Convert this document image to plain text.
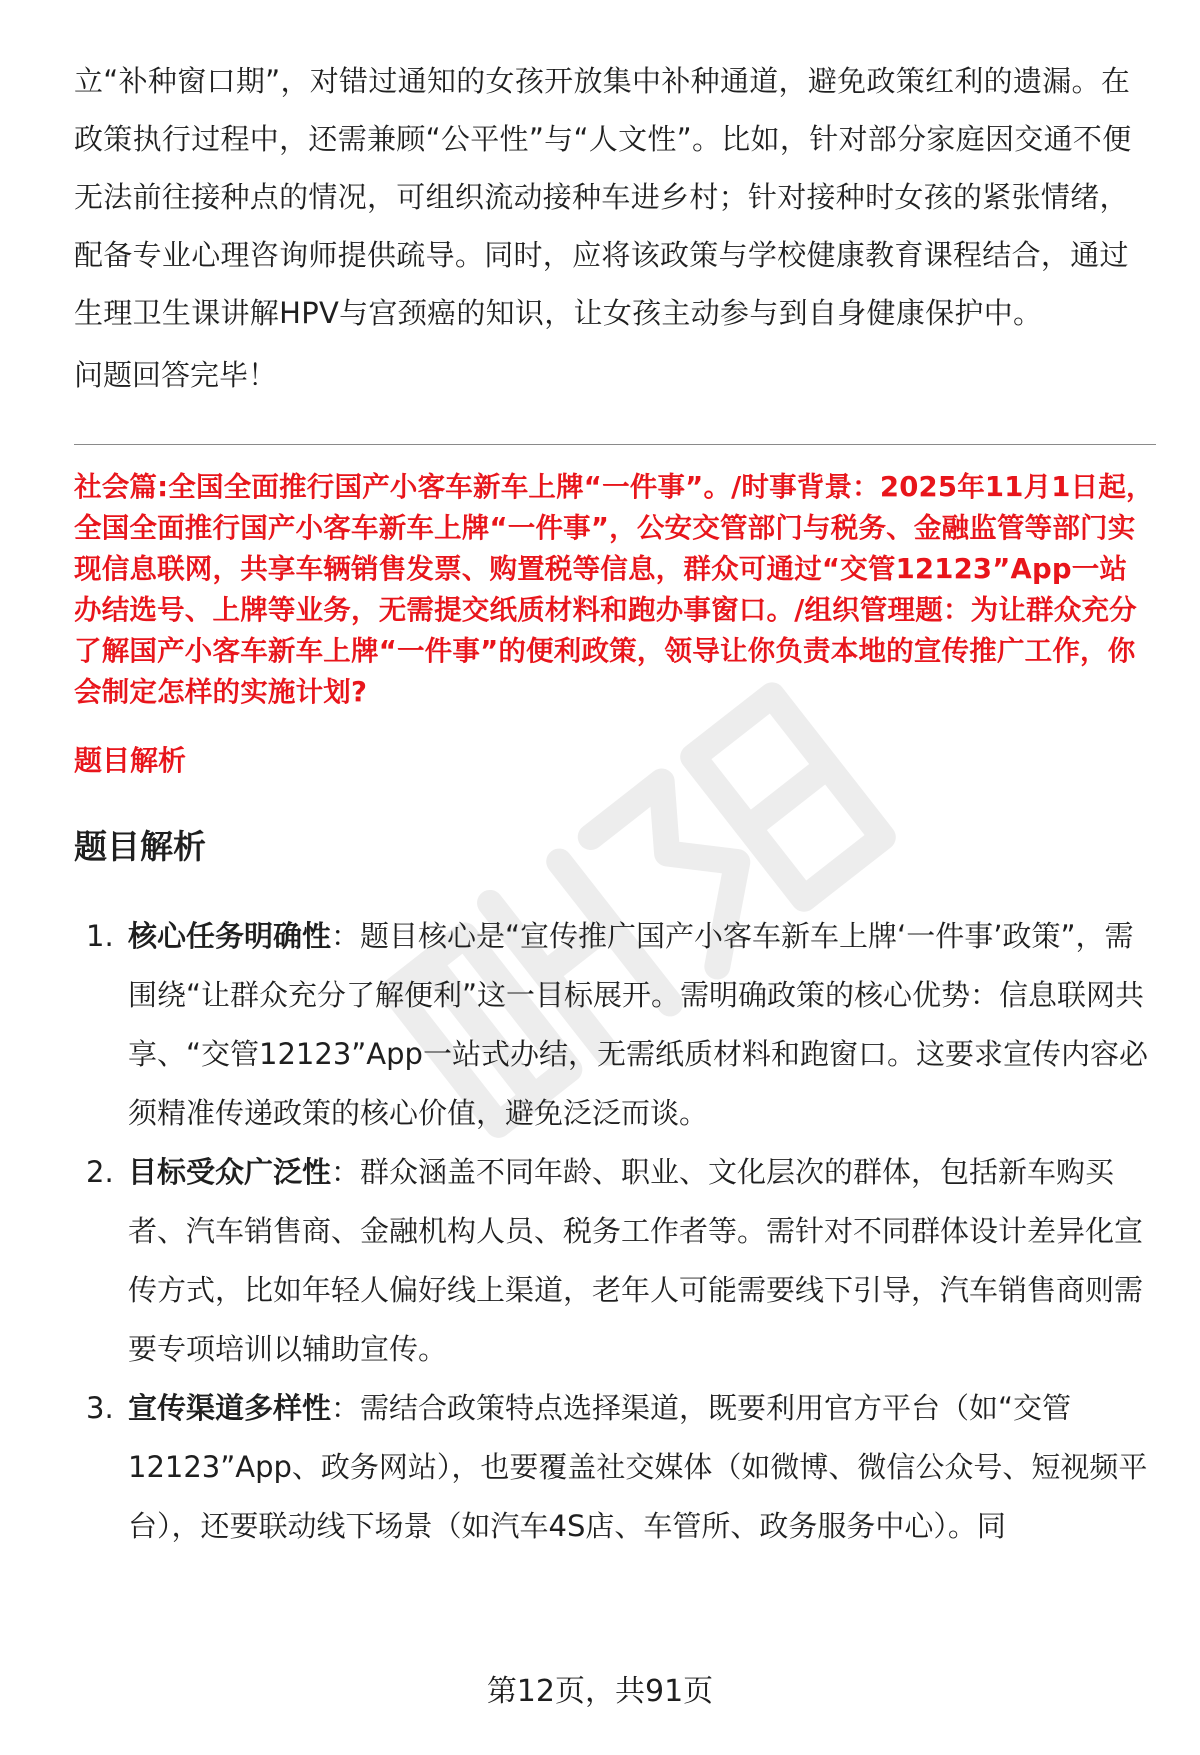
立“补种窗口期”，对错过通知的女孩开放集中补种通道，避免政策红利的遗漏。在政策执行过程中，还需兼顾“公平性”与“人文性”。比如，针对部分家庭因交通不便无法前往接种点的情况，可组织流动接种车进乡村；针对接种时女孩的紧张情绪，配备专业心理咨询师提供疏导。同时，应将该政策与学校健康教育课程结合，通过生理卫生课讲解HPV与宫颈癌的知识，让女孩主动参与到自身健康保护中。

问题回答完毕！

社会篇:全国全面推行国产小客车新车上牌“一件事”。/时事背景：2025年11月1日起，全国全面推行国产小客车新车上牌“一件事”，公安交管部门与税务、金融监管等部门实现信息联网，共享车辆销售发票、购置税等信息，群众可通过“交管12123”App一站办结选号、上牌等业务，无需提交纸质材料和跑办事窗口。/组织管理题：为让群众充分了解国产小客车新车上牌“一件事”的便利政策，领导让你负责本地的宣传推广工作，你会制定怎样的实施计划?
题目解析
题目解析
1. 核心任务明确性：题目核心是“宣传推广国产小客车新车上牌‘一件事’政策”，需围绕“让群众充分了解便利”这一目标展开。需明确政策的核心优势：信息联网共享、“交管12123”App一站式办结，无需纸质材料和跑窗口。这要求宣传内容必须精准传递政策的核心价值，避免泛泛而谈。
2. 目标受众广泛性：群众涵盖不同年龄、职业、文化层次的群体，包括新车购买者、汽车销售商、金融机构人员、税务工作者等。需针对不同群体设计差异化宣传方式，比如年轻人偏好线上渠道，老年人可能需要线下引导，汽车销售商则需要专项培训以辅助宣传。
3. 宣传渠道多样性：需结合政策特点选择渠道，既要利用官方平台（如“交管12123”App、政务网站），也要覆盖社交媒体（如微博、微信公众号、短视频平台），还要联动线下场景（如汽车4S店、车管所、政务服务中心）。同
第12页，共91页
